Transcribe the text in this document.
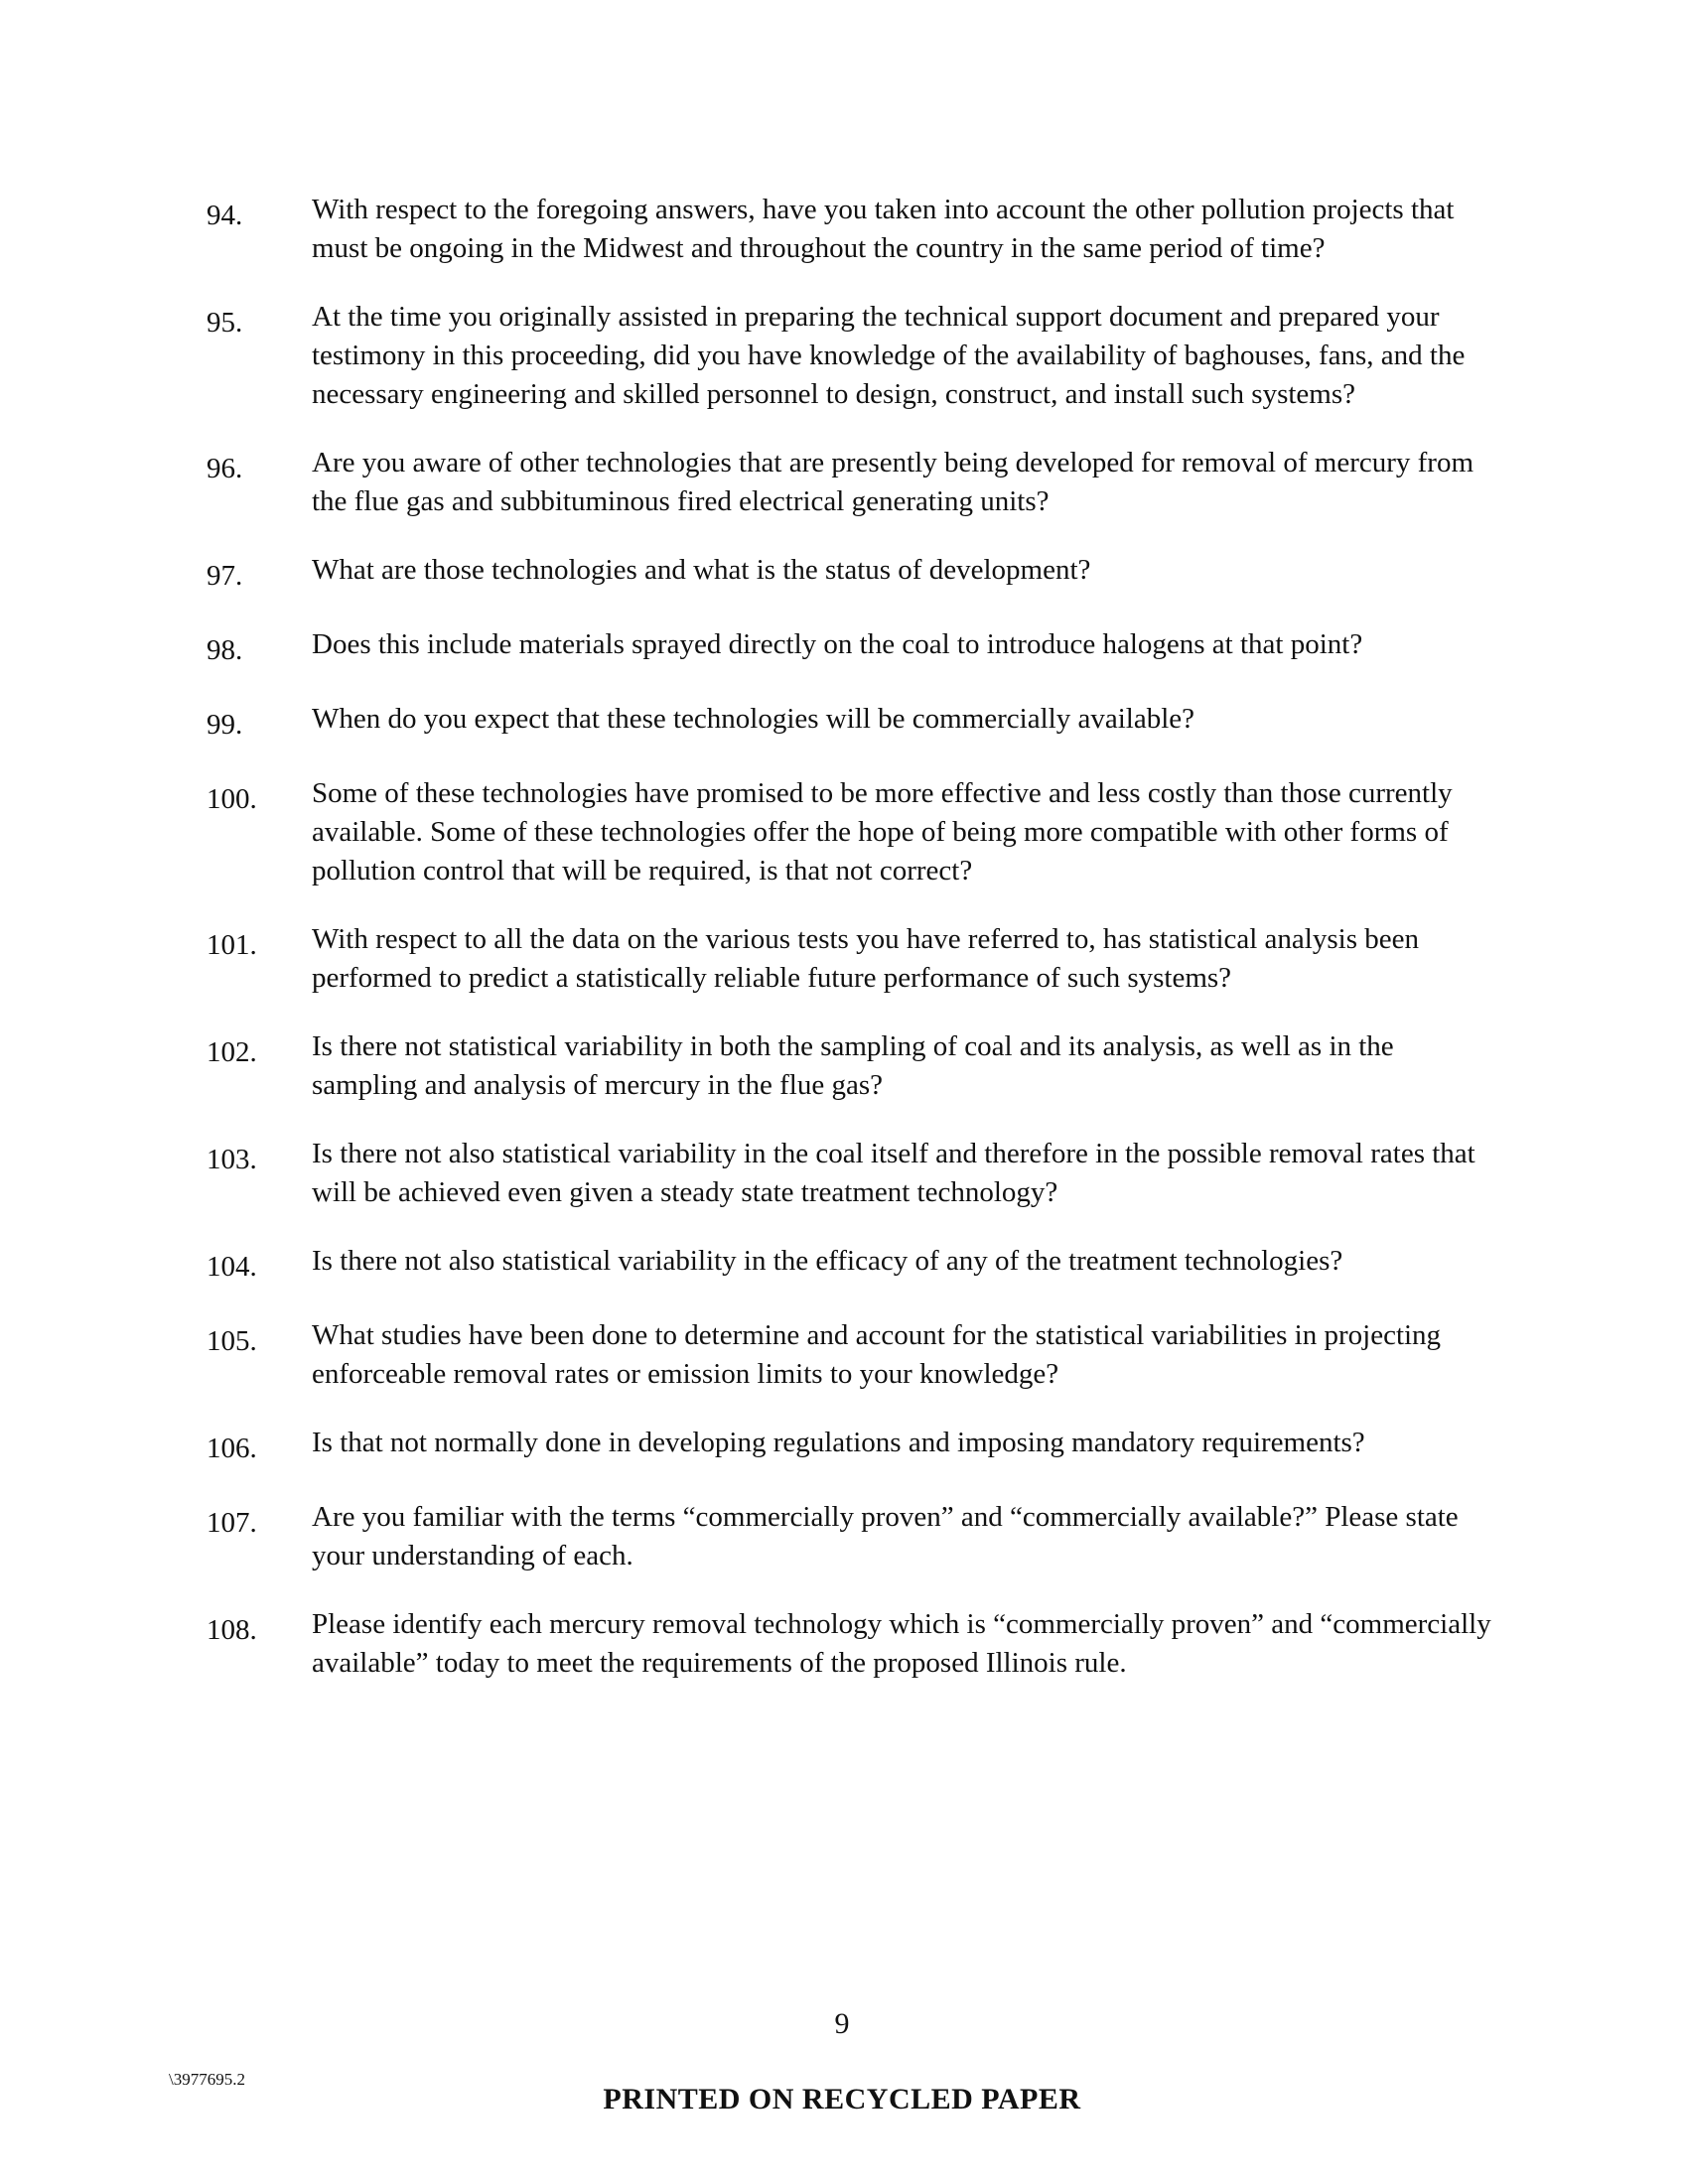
94.	With respect to the foregoing answers, have you taken into account the other pollution projects that must be ongoing in the Midwest and throughout the country in the same period of time?
95.	At the time you originally assisted in preparing the technical support document and prepared your testimony in this proceeding, did you have knowledge of the availability of baghouses, fans, and the necessary engineering and skilled personnel to design, construct, and install such systems?
96.	Are you aware of other technologies that are presently being developed for removal of mercury from the flue gas and subbituminous fired electrical generating units?
97.	What are those technologies and what is the status of development?
98.	Does this include materials sprayed directly on the coal to introduce halogens at that point?
99.	When do you expect that these technologies will be commercially available?
100.	Some of these technologies have promised to be more effective and less costly than those currently available. Some of these technologies offer the hope of being more compatible with other forms of pollution control that will be required, is that not correct?
101.	With respect to all the data on the various tests you have referred to, has statistical analysis been performed to predict a statistically reliable future performance of such systems?
102.	Is there not statistical variability in both the sampling of coal and its analysis, as well as in the sampling and analysis of mercury in the flue gas?
103.	Is there not also statistical variability in the coal itself and therefore in the possible removal rates that will be achieved even given a steady state treatment technology?
104.	Is there not also statistical variability in the efficacy of any of the treatment technologies?
105.	What studies have been done to determine and account for the statistical variabilities in projecting enforceable removal rates or emission limits to your knowledge?
106.	Is that not normally done in developing regulations and imposing mandatory requirements?
107.	Are you familiar with the terms “commercially proven” and “commercially available?” Please state your understanding of each.
108.	Please identify each mercury removal technology which is “commercially proven” and “commercially available” today to meet the requirements of the proposed Illinois rule.
9
\3977695.2
PRINTED ON RECYCLED PAPER
